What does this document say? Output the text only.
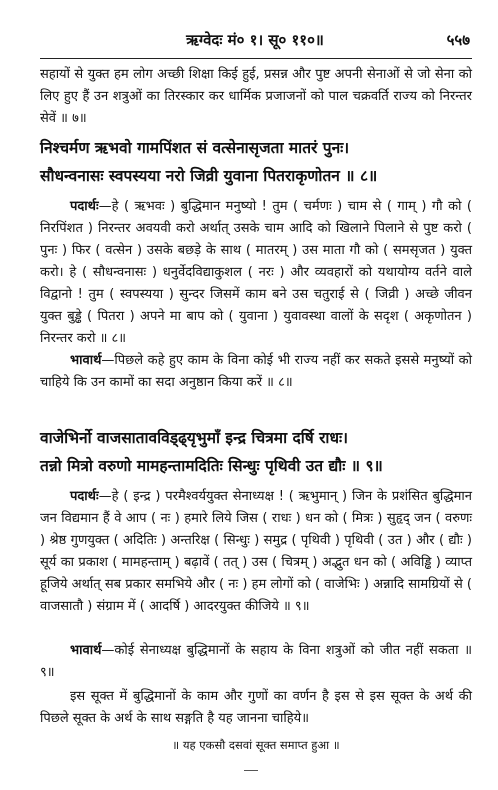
ऋग्वेदः मं० १। सू० ११०॥	५५७
सहायों से युक्त हम लोग अच्छी शिक्षा किई हुई, प्रसन्न और पुष्ट अपनी सेनाओं से जो सेना को लिए हुए हैं उन शत्रुओं का तिरस्कार कर धार्मिक प्रजाजनों को पाल चक्रवर्ति राज्य को निरन्तर सेवें ॥ ७॥
निश्चर्मण ऋभवो गामपिंशत सं वत्सेनासृजता मातरं पुनः।
सौधन्वनासः स्वपस्यया नरो जिव्री युवाना पितराकृणोतन ॥ ८॥
पदार्थः—हे ( ऋभवः ) बुद्धिमान मनुष्यो ! तुम ( चर्मणः ) चाम से ( गाम् ) गौ को ( निरपिंशत ) निरन्तर अवयवी करो अर्थात् उसके चाम आदि को खिलाने पिलाने से पुष्ट करो ( पुनः ) फिर ( वत्सेन ) उसके बछड़े के साथ ( मातरम् ) उस माता गौ को ( समसृजत ) युक्त करो। हे ( सौधन्वनासः ) धनुर्वेदविद्याकुशल ( नरः ) और व्यवहारों को यथायोग्य वर्तने वाले विद्वानो ! तुम ( स्वपस्यया ) सुन्दर जिसमें काम बने उस चतुराई से ( जिव्री ) अच्छे जीवन युक्त बुड्ढे ( पितरा ) अपने मा बाप को ( युवाना ) युवावस्था वालों के सदृश ( अकृणोतन ) निरन्तर करो ॥ ८॥
भावार्थ—पिछले कहे हुए काम के विना कोई भी राज्य नहीं कर सकते इससे मनुष्यों को चाहिये कि उन कामों का सदा अनुष्ठान किया करें ॥ ८॥
वाजेभिर्नो वाजसातावविड्ढ्यृभुमाँ इन्द्र चित्रमा दर्षि राधः।
तन्नो मित्रो वरुणो मामहन्तामदितिः सिन्धुः पृथिवी उत द्यौः ॥ ९॥
पदार्थः—हे ( इन्द्र ) परमैश्वर्ययुक्त सेनाध्यक्ष ! ( ऋभुमान् ) जिन के प्रशंसित बुद्धिमान जन विद्यमान हैं वे आप ( नः ) हमारे लिये जिस ( राधः ) धन को ( मित्रः ) सुहृद् जन ( वरुणः ) श्रेष्ठ गुणयुक्त ( अदितिः ) अन्तरिक्ष ( सिन्धुः ) समुद्र ( पृथिवी ) पृथिवी ( उत ) और ( द्यौः ) सूर्य का प्रकाश ( मामहन्ताम् ) बढ़ावें ( तत् ) उस ( चित्रम् ) अद्भुत धन को ( अविड्ढि ) व्याप्त हूजिये अर्थात् सब प्रकार समभिये और ( नः ) हम लोगों को ( वाजेभिः ) अन्नादि सामग्रियों से ( वाजसातौ ) संग्राम में ( आदर्षि ) आदरयुक्त कीजिये ॥ ९॥
भावार्थ—कोई सेनाध्यक्ष बुद्धिमानों के सहाय के विना शत्रुओं को जीत नहीं सकता ॥ ९॥
इस सूक्त में बुद्धिमानों के काम और गुणों का वर्णन है इस से इस सूक्त के अर्थ की पिछले सूक्त के अर्थ के साथ सङ्गति है यह जानना चाहिये॥
॥ यह एकसौ दसवां सूक्त समाप्त हुआ ॥
